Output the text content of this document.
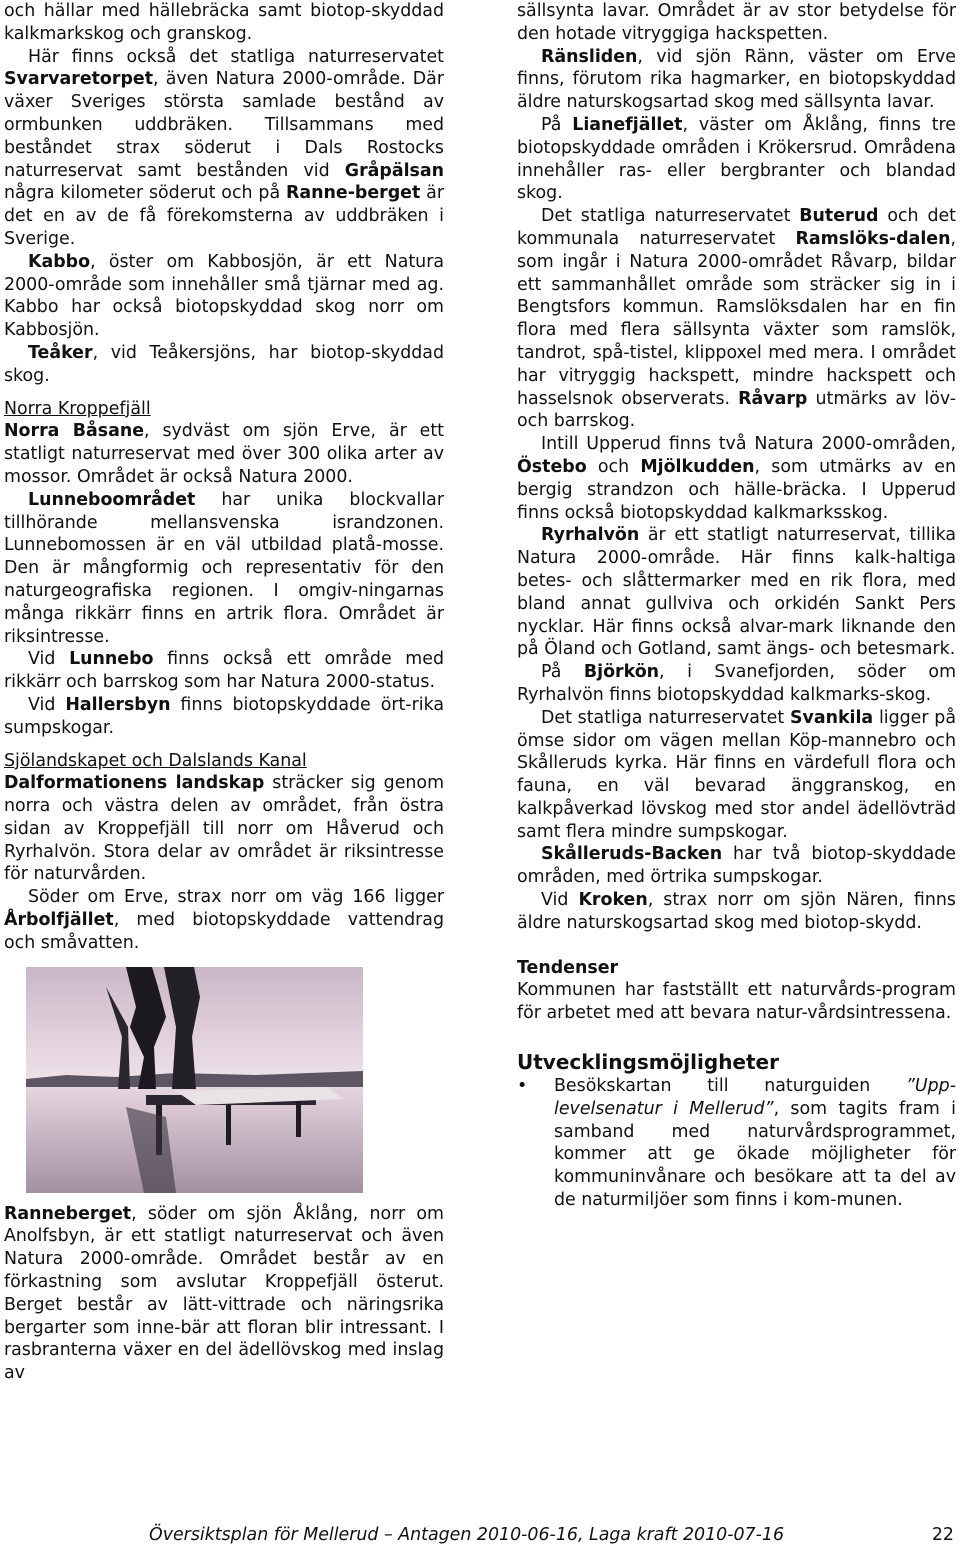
och hällar med hällebräcka samt biotop-skyddad kalkmarkskog och granskog.

Här finns också det statliga naturreservatet Svarvaretorpet, även Natura 2000-område. Där växer Sveriges största samlade bestånd av ormbunken uddbräken. Tillsammans med beståndet strax söderut i Dals Rostocks naturreservat samt bestånden vid Gråpälsan några kilometer söderut och på Ranne-berget är det en av de få förekomsterna av uddbräken i Sverige.

Kabbo, öster om Kabbosjön, är ett Natura 2000-område som innehåller små tjärnar med ag. Kabbo har också biotopskyddad skog norr om Kabbosjön.

Teåker, vid Teåkersjöns, har biotop-skyddad skog.

Norra Kroppefjäll

Norra Båsane, sydväst om sjön Erve, är ett statligt naturreservat med över 300 olika arter av mossor. Området är också Natura 2000.

Lunneboområdet har unika blockvallar tillhörande mellansvenska israndzonen. Lunnebomossen är en väl utbildad platå-mosse. Den är mångformig och representativ för den naturgeografiska regionen. I omgiv-ningarnas många rikkärr finns en artrik flora. Området är riksintresse.

Vid Lunnebo finns också ett område med rikkärr och barrskog som har Natura 2000-status.

Vid Hallersbyn finns biotopskyddade ört-rika sumpskogar.

Sjölandskapet och Dalslands Kanal

Dalformationens landskap sträcker sig genom norra och västra delen av området, från östra sidan av Kroppefjäll till norr om Håverud och Ryrhalvön. Stora delar av området är riksintresse för naturvården.

Söder om Erve, strax norr om väg 166 ligger Årbolfjället, med biotopskyddade vattendrag och småvatten.

Ranneberget, söder om sjön Åklång, norr om Anolfsbyn, är ett statligt naturreservat och även Natura 2000-område. Området består av en förkastning som avslutar Kroppefjäll österut. Berget består av lätt-vittrade och näringsrika bergarter som inne-bär att floran blir intressant. I rasbranterna växer en del ädellövskog med inslag av

sällsynta lavar. Området är av stor betydelse för den hotade vitryggiga hackspetten.

Ränsliden, vid sjön Ränn, väster om Erve finns, förutom rika hagmarker, en biotopskyddad äldre naturskogsartad skog med sällsynta lavar.

På Lianefjället, väster om Åklång, finns tre biotopskyddade områden i Krökersrud. Områdena innehåller ras- eller bergbranter och blandad skog.

Det statliga naturreservatet Buterud och det kommunala naturreservatet Ramslöks-dalen, som ingår i Natura 2000-området Råvarp, bildar ett sammanhållet område som sträcker sig in i Bengtsfors kommun. Ramslöksdalen har en fin flora med flera sällsynta växter som ramslök, tandrot, spå-tistel, klippoxel med mera. I området har vitryggig hackspett, mindre hackspett och hasselsnok observerats. Råvarp utmärks av löv- och barrskog.

Intill Upperud finns två Natura 2000-områden, Östebo och Mjölkudden, som utmärks av en bergig strandzon och hälle-bräcka. I Upperud finns också biotopskyddad kalkmarksskog.

Ryrhalvön är ett statligt naturreservat, tillika Natura 2000-område. Här finns kalk-haltiga betes- och slåttermarker med en rik flora, med bland annat gullviva och orkidén Sankt Pers nycklar. Här finns också alvar-mark liknande den på Öland och Gotland, samt ängs- och betesmark.

På Björkön, i Svanefjorden, söder om Ryrhalvön finns biotopskyddad kalkmarks-skog.

Det statliga naturreservatet Svankila ligger på ömse sidor om vägen mellan Köp-mannebro och Skålleruds kyrka. Här finns en värdefull flora och fauna, en väl bevarad änggranskog, en kalkpåverkad lövskog med stor andel ädellövträd samt flera mindre sumpskogar.

Skålleruds-Backen har två biotop-skyddade områden, med örtrika sumpskogar.

Vid Kroken, strax norr om sjön Nären, finns äldre naturskogsartad skog med biotop-skydd.

Tendenser

Kommunen har fastställt ett naturvårds-program för arbetet med att bevara natur-vårdsintressena.

Utvecklingsmöjligheter

• Besökskartan till naturguiden ”Upp-levelsenatur i Mellerud”, som tagits fram i samband med naturvårdsprogrammet, kommer att ge ökade möjligheter för kommuninvånare och besökare att ta del av de naturmiljöer som finns i kom-munen.
Översiktsplan för Mellerud – Antagen 2010-06-16, Laga kraft 2010-07-16	22
